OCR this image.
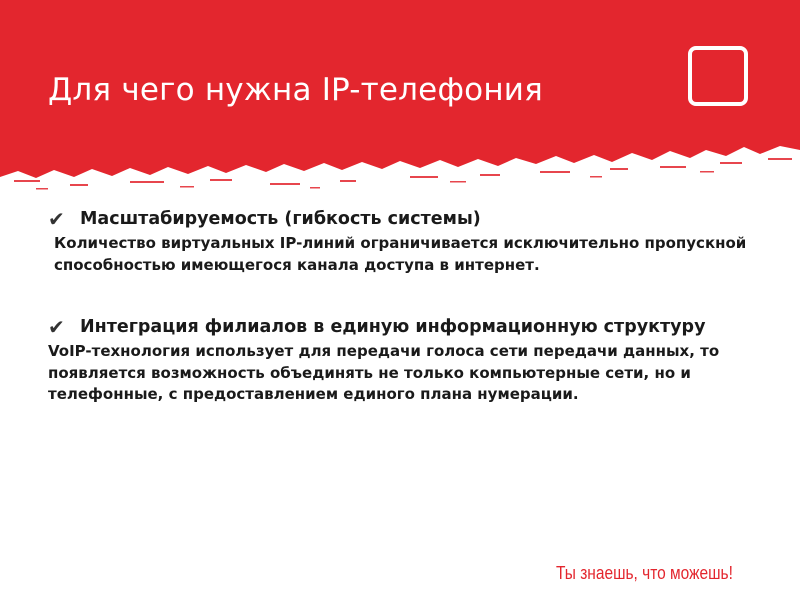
Для чего нужна IP-телефония
✔ Масштабируемость (гибкость системы)
Количество виртуальных IP-линий ограничивается исключительно пропускной способностью имеющегося канала доступа в интернет.
✔ Интеграция филиалов в единую информационную структуру
VoIP-технология использует для передачи голоса сети передачи данных, то появляется возможность объединять не только компьютерные сети, но и телефонные, с предоставлением единого плана нумерации.
Ты знаешь, что можешь!
